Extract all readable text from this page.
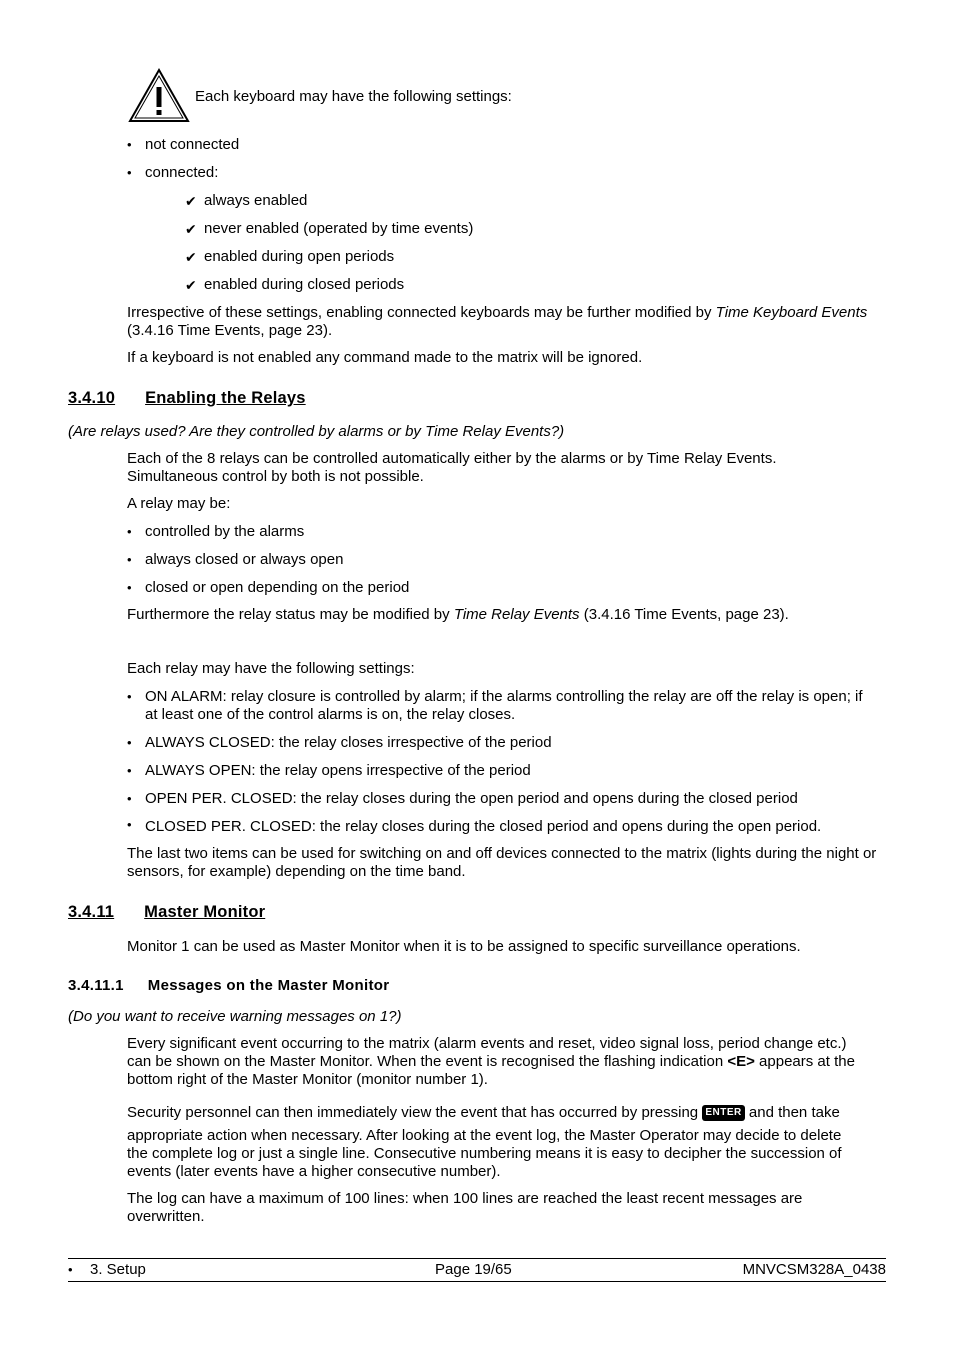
Each keyboard may have the following settings:
• not connected
• connected:
✔ always enabled
✔ never enabled (operated by time events)
✔ enabled during open periods
✔ enabled during closed periods
Irrespective of these settings, enabling connected keyboards may be further modified by Time Keyboard Events (3.4.16 Time Events, page 23).
If a keyboard is not enabled any command made to the matrix will be ignored.
3.4.10 Enabling the Relays
(Are relays used? Are they controlled by alarms or by Time Relay Events?)
Each of the 8 relays can be controlled automatically either by the alarms or by Time Relay Events. Simultaneous control by both is not possible.
A relay may be:
• controlled by the alarms
• always closed or always open
• closed or open depending on the period
Furthermore the relay status may be modified by Time Relay Events (3.4.16 Time Events, page 23).
Each relay may have the following settings:
• ON ALARM: relay closure is controlled by alarm; if the alarms controlling the relay are off the relay is open; if at least one of the control alarms is on, the relay closes.
• ALWAYS CLOSED: the relay closes irrespective of the period
• ALWAYS OPEN: the relay opens irrespective of the period
• OPEN PER. CLOSED: the relay closes during the open period and opens during the closed period
• CLOSED PER. CLOSED: the relay closes during the closed period and opens during the open period.
The last two items can be used for switching on and off devices connected to the matrix (lights during the night or sensors, for example) depending on the time band.
3.4.11 Master Monitor
Monitor 1 can be used as Master Monitor when it is to be assigned to specific surveillance operations.
3.4.11.1 Messages on the Master Monitor
(Do you want to receive warning messages on 1?)
Every significant event occurring to the matrix (alarm events and reset, video signal loss, period change etc.) can be shown on the Master Monitor. When the event is recognised the flashing indication <E> appears at the bottom right of the Master Monitor (monitor number 1).
Security personnel can then immediately view the event that has occurred by pressing ENTER and then take
appropriate action when necessary. After looking at the event log, the Master Operator may decide to delete the complete log or just a single line. Consecutive numbering means it is easy to decipher the succession of events (later events have a higher consecutive number).
The log can have a maximum of 100 lines: when 100 lines are reached the least recent messages are overwritten.
• 3. Setup	Page 19/65	MNVCSM328A_0438
